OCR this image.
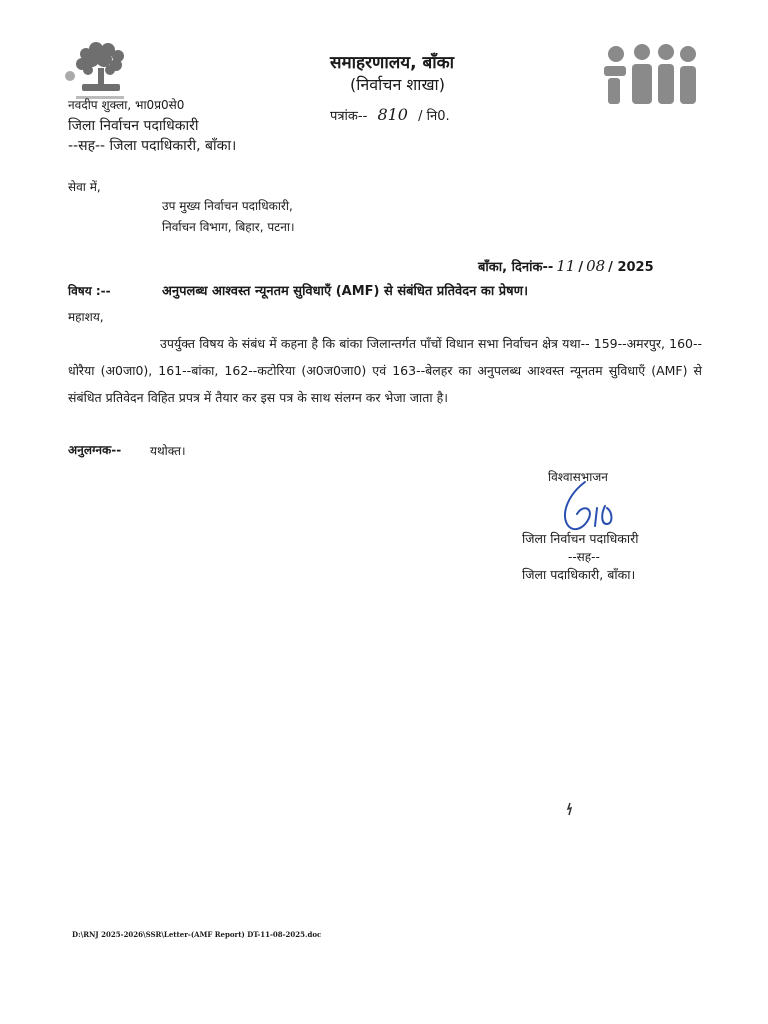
समाहरणालय, बाँका
(निर्वाचन शाखा)
पत्रांक-- 810 / नि0.
नवदीप शुक्ला, भा0प्र0से0
जिला निर्वाचन पदाधिकारी
--सह-- जिला पदाधिकारी, बाँका।
सेवा में,
उप मुख्य निर्वाचन पदाधिकारी,
निर्वाचन विभाग, बिहार, पटना।
बाँका, दिनांक-- 11 / 08 / 2025
विषय :--	अनुपलब्ध आश्वस्त न्यूनतम सुविधाएँ (AMF) से संबंधित प्रतिवेदन का प्रेषण।
महाशय,

उपर्युक्त विषय के संबंध में कहना है कि बांका जिलान्तर्गत पाँचों विधान सभा निर्वाचन क्षेत्र यथा-- 159--अमरपुर, 160--धोरैया (अ0जा0), 161--बांका, 162--कटोरिया (अ0ज0जा0) एवं 163--बेलहर का अनुपलब्ध आश्वस्त न्यूनतम सुविधाएँ (AMF) से संबंधित प्रतिवेदन विहित प्रपत्र में तैयार कर इस पत्र के साथ संलग्न कर भेजा जाता है।

अनुलग्नक-- यथोक्त।
विश्वासभाजन
जिला निर्वाचन पदाधिकारी
--सह--
जिला पदाधिकारी, बाँका।
D:\RNJ 2025-2026\SSR\Letter-(AMF Report) DT-11-08-2025.doc
